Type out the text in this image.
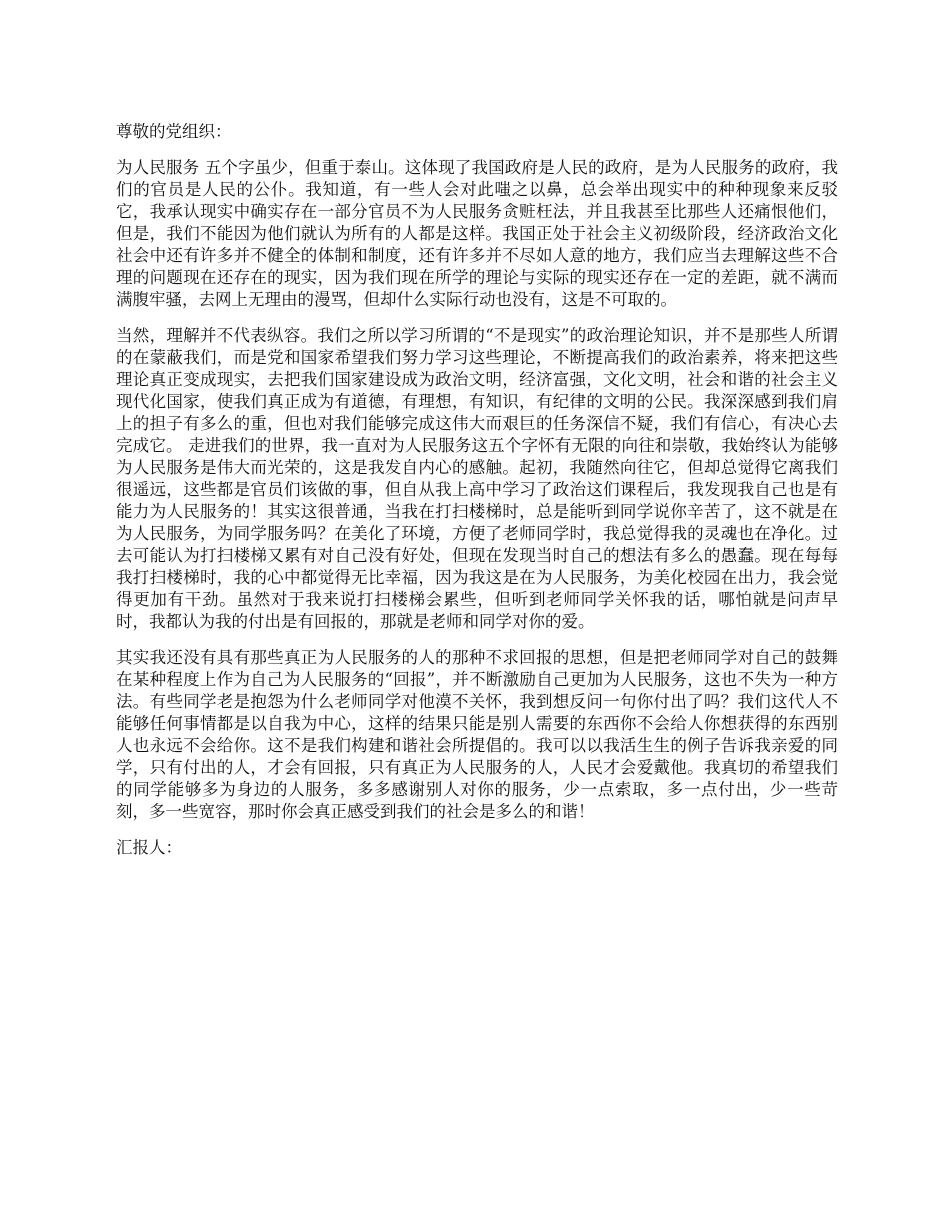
尊敬的党组织：

为人民服务 五个字虽少，但重于泰山。这体现了我国政府是人民的政府，是为人民服务的政府，我们的官员是人民的公仆。我知道，有一些人会对此嗤之以鼻，总会举出现实中的种种现象来反驳它，我承认现实中确实存在一部分官员不为人民服务贪赃枉法，并且我甚至比那些人还痛恨他们，但是，我们不能因为他们就认为所有的人都是这样。我国正处于社会主义初级阶段，经济政治文化社会中还有许多并不健全的体制和制度，还有许多并不尽如人意的地方，我们应当去理解这些不合理的问题现在还存在的现实，因为我们现在所学的理论与实际的现实还存在一定的差距，就不满而满腹牢骚，去网上无理由的漫骂，但却什么实际行动也没有，这是不可取的。

当然，理解并不代表纵容。我们之所以学习所谓的“不是现实”的政治理论知识，并不是那些人所谓的在蒙蔽我们，而是党和国家希望我们努力学习这些理论，不断提高我们的政治素养，将来把这些理论真正变成现实，去把我们国家建设成为政治文明，经济富强，文化文明，社会和谐的社会主义现代化国家，使我们真正成为有道德，有理想，有知识，有纪律的文明的公民。我深深感到我们肩上的担子有多么的重，但也对我们能够完成这伟大而艰巨的任务深信不疑，我们有信心，有决心去完成它。 走进我们的世界，我一直对为人民服务这五个字怀有无限的向往和崇敬，我始终认为能够为人民服务是伟大而光荣的，这是我发自内心的感触。起初，我随然向往它，但却总觉得它离我们很遥远，这些都是官员们该做的事，但自从我上高中学习了政治这们课程后，我发现我自己也是有能力为人民服务的！其实这很普通，当我在打扫楼梯时，总是能听到同学说你辛苦了，这不就是在为人民服务，为同学服务吗？在美化了环境，方便了老师同学时，我总觉得我的灵魂也在净化。过去可能认为打扫楼梯又累有对自己没有好处，但现在发现当时自己的想法有多么的愚蠢。现在每每我打扫楼梯时，我的心中都觉得无比幸福，因为我这是在为人民服务，为美化校园在出力，我会觉得更加有干劲。虽然对于我来说打扫楼梯会累些，但听到老师同学关怀我的话，哪怕就是问声早时，我都认为我的付出是有回报的，那就是老师和同学对你的爱。

其实我还没有具有那些真正为人民服务的人的那种不求回报的思想，但是把老师同学对自己的鼓舞在某种程度上作为自己为人民服务的“回报”，并不断激励自己更加为人民服务，这也不失为一种方法。有些同学老是抱怨为什么老师同学对他漠不关怀，我到想反问一句你付出了吗？我们这代人不能够任何事情都是以自我为中心，这样的结果只能是别人需要的东西你不会给人你想获得的东西别人也永远不会给你。这不是我们构建和谐社会所提倡的。我可以以我活生生的例子告诉我亲爱的同学，只有付出的人，才会有回报，只有真正为人民服务的人，人民才会爱戴他。我真切的希望我们的同学能够多为身边的人服务，多多感谢别人对你的服务，少一点索取，多一点付出，少一些苛刻，多一些宽容，那时你会真正感受到我们的社会是多么的和谐！

汇报人：
